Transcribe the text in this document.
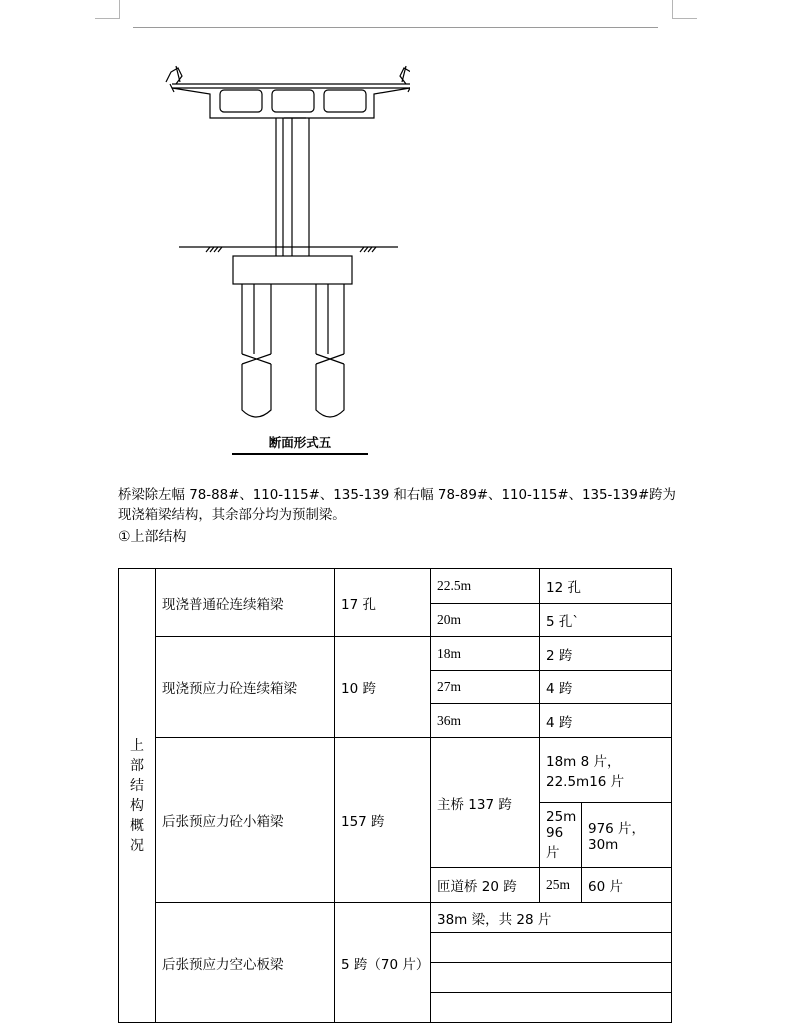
断面形式五
桥梁除左幅 78-88#、110-115#、135-139 和右幅 78-89#、110-115#、135-139#跨为现浇箱梁结构，其余部分均为预制梁。
①上部结构
上部结构概况	现浇普通砼连续箱梁	17 孔	22.5m	12 孔	
			20m	5 孔`	
	现浇预应力砼连续箱梁	10 跨	18m	2 跨	
			27m	4 跨	
			36m	4 跨	
	后张预应力砼小箱梁	157 跨	主桥 137 跨	18m 8 片，22.5m16 片	
				25m 96 片	976 片，30m
			匝道桥 20 跨	25m	60 片
	后张预应力空心板梁	5 跨（70 片）	38m 梁，共 28 片		
